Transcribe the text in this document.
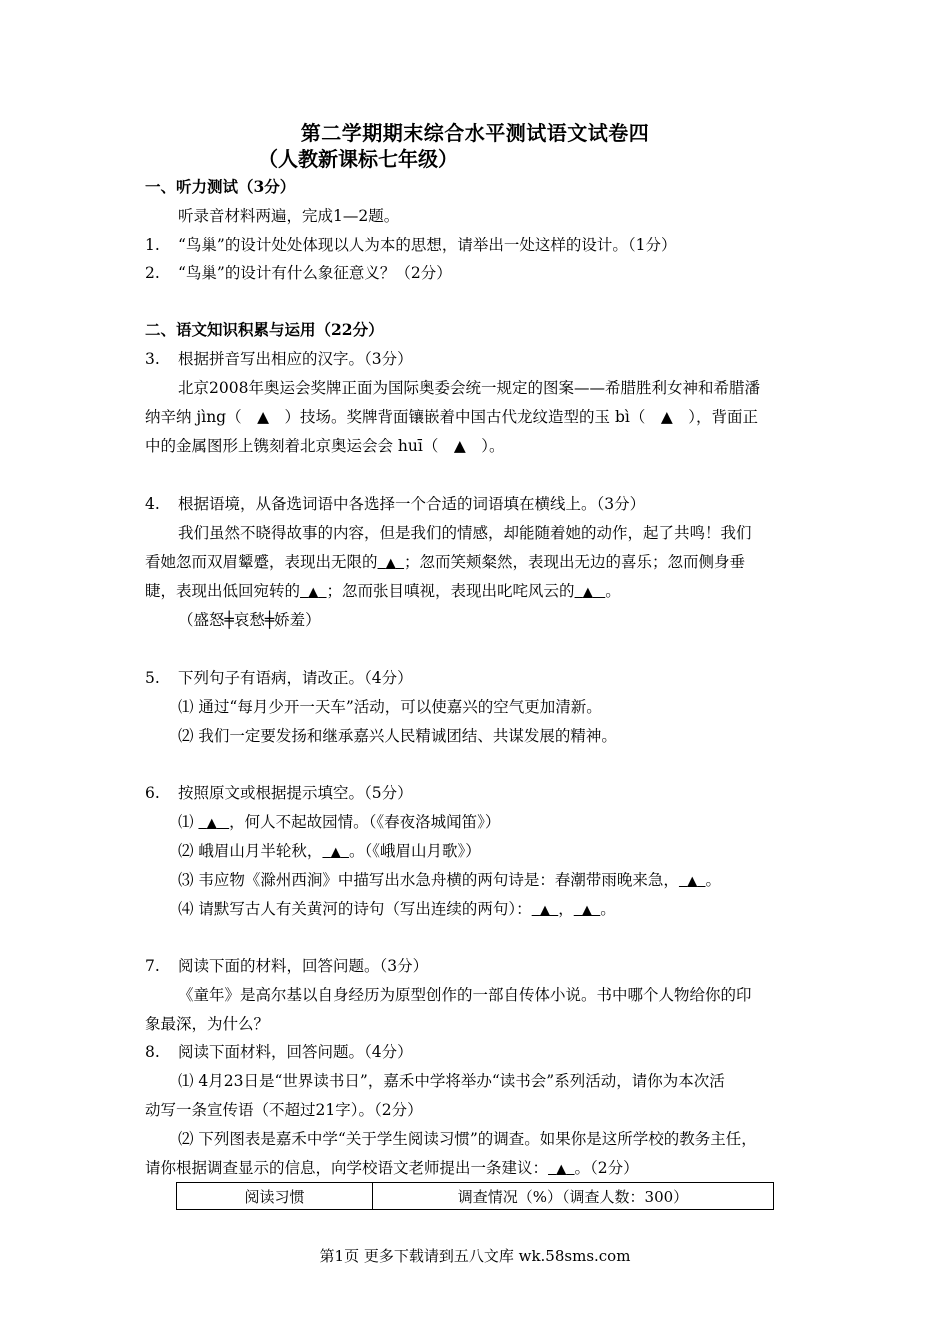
第二学期期末综合水平测试语文试卷四
（人教新课标七年级）
一、听力测试（3分）
听录音材料两遍，完成1—2题。
1. “鸟巢”的设计处处体现以人为本的思想，请举出一处这样的设计。（1分）
2. “鸟巢”的设计有什么象征意义？（2分）
二、语文知识积累与运用（22分）
3. 根据拼音写出相应的汉字。（3分）
北京2008年奥运会奖牌正面为国际奥委会统一规定的图案——希腊胜利女神和希腊潘
纳辛纳 jìng（　▲　）技场。奖牌背面镶嵌着中国古代龙纹造型的玉 bì（　▲　），背面正
中的金属图形上镌刻着北京奥运会会 huī（　▲　）。
4. 根据语境，从备选词语中各选择一个合适的词语填在横线上。（3分）
我们虽然不晓得故事的内容，但是我们的情感，却能随着她的动作，起了共鸣！我们
看她忽而双眉颦蹙，表现出无限的 ▲ ；忽而笑颊粲然，表现出无边的喜乐；忽而侧身垂
睫，表现出低回宛转的 ▲ ；忽而张目嗔视，表现出叱咤风云的 ▲ 。
（盛怒╪哀愁╪娇羞）
5. 下列句子有语病，请改正。（4分）
⑴ 通过“每月少开一天车”活动，可以使嘉兴的空气更加清新。
⑵ 我们一定要发扬和继承嘉兴人民精诚团结、共谋发展的精神。
6. 按照原文或根据提示填空。（5分）
⑴ ▲ ，何人不起故园情。（《春夜洛城闻笛》）
⑵ 峨眉山月半轮秋， ▲ 。（《峨眉山月歌》）
⑶ 韦应物《滁州西涧》中描写出水急舟横的两句诗是：春潮带雨晚来急， ▲ 。
⑷ 请默写古人有关黄河的诗句（写出连续的两句）： ▲ ， ▲ 。
7. 阅读下面的材料，回答问题。（3分）
《童年》是高尔基以自身经历为原型创作的一部自传体小说。书中哪个人物给你的印
象最深，为什么？
8. 阅读下面材料，回答问题。（4分）
⑴ 4月23日是“世界读书日”，嘉禾中学将举办“读书会”系列活动，请你为本次活
动写一条宣传语（不超过21字）。（2分）
⑵ 下列图表是嘉禾中学“关于学生阅读习惯”的调查。如果你是这所学校的教务主任，
请你根据调查显示的信息，向学校语文老师提出一条建议： ▲ 。（2分）
阅读习惯	调查情况（%）（调查人数：300）
第1页 更多下载请到五八文库 wk.58sms.com
